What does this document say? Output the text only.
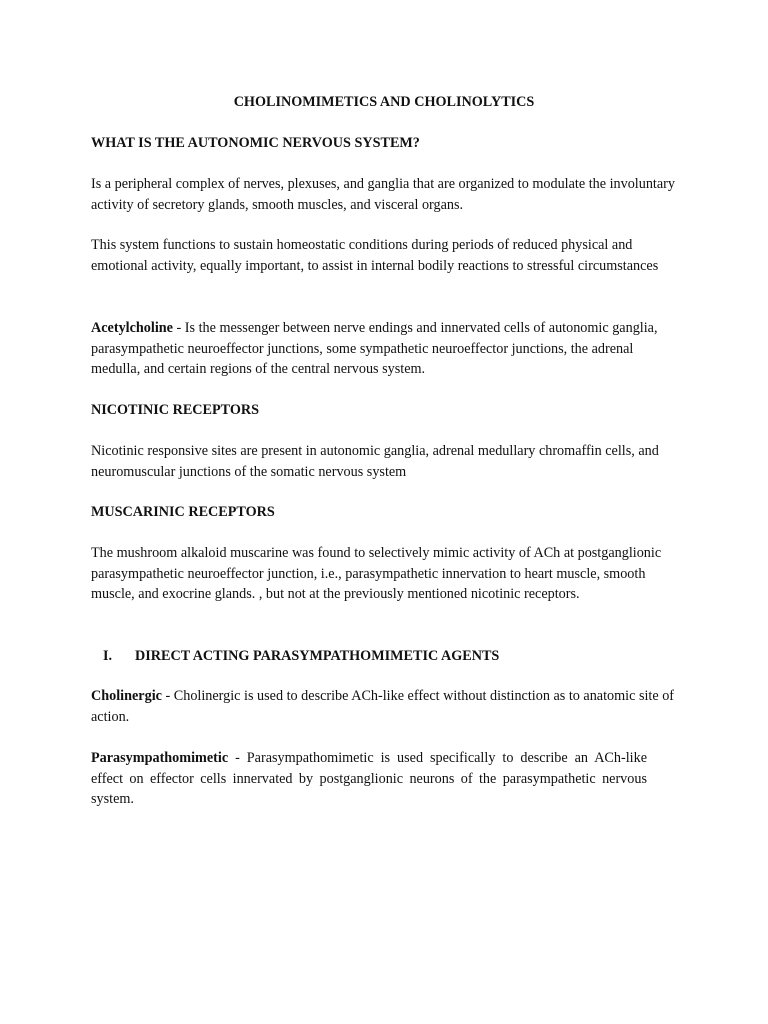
CHOLINOMIMETICS AND CHOLINOLYTICS

WHAT IS THE AUTONOMIC NERVOUS SYSTEM?

Is a peripheral complex of nerves, plexuses, and ganglia that are organized to modulate the involuntary activity of secretory glands, smooth muscles, and visceral organs.

This system functions to sustain homeostatic conditions during periods of reduced physical and emotional activity, equally important, to assist in internal bodily reactions to stressful circumstances

Acetylcholine - Is the messenger between nerve endings and innervated cells of autonomic ganglia, parasympathetic neuroeffector junctions, some sympathetic neuroeffector junctions, the adrenal medulla, and certain regions of the central nervous system.

NICOTINIC RECEPTORS

Nicotinic responsive sites are present in autonomic ganglia, adrenal medullary chromaffin cells, and neuromuscular junctions of the somatic nervous system

MUSCARINIC RECEPTORS

The mushroom alkaloid muscarine was found to selectively mimic activity of ACh at postganglionic parasympathetic neuroeffector junction, i.e., parasympathetic innervation to heart muscle, smooth muscle, and exocrine glands. , but not at the previously mentioned nicotinic receptors.

I. DIRECT ACTING PARASYMPATHOMIMETIC AGENTS

Cholinergic - Cholinergic is used to describe ACh-like effect without distinction as to anatomic site of action.

Parasympathomimetic - Parasympathomimetic is used specifically to describe an ACh-like effect on effector cells innervated by postganglionic neurons of the parasympathetic nervous system.
